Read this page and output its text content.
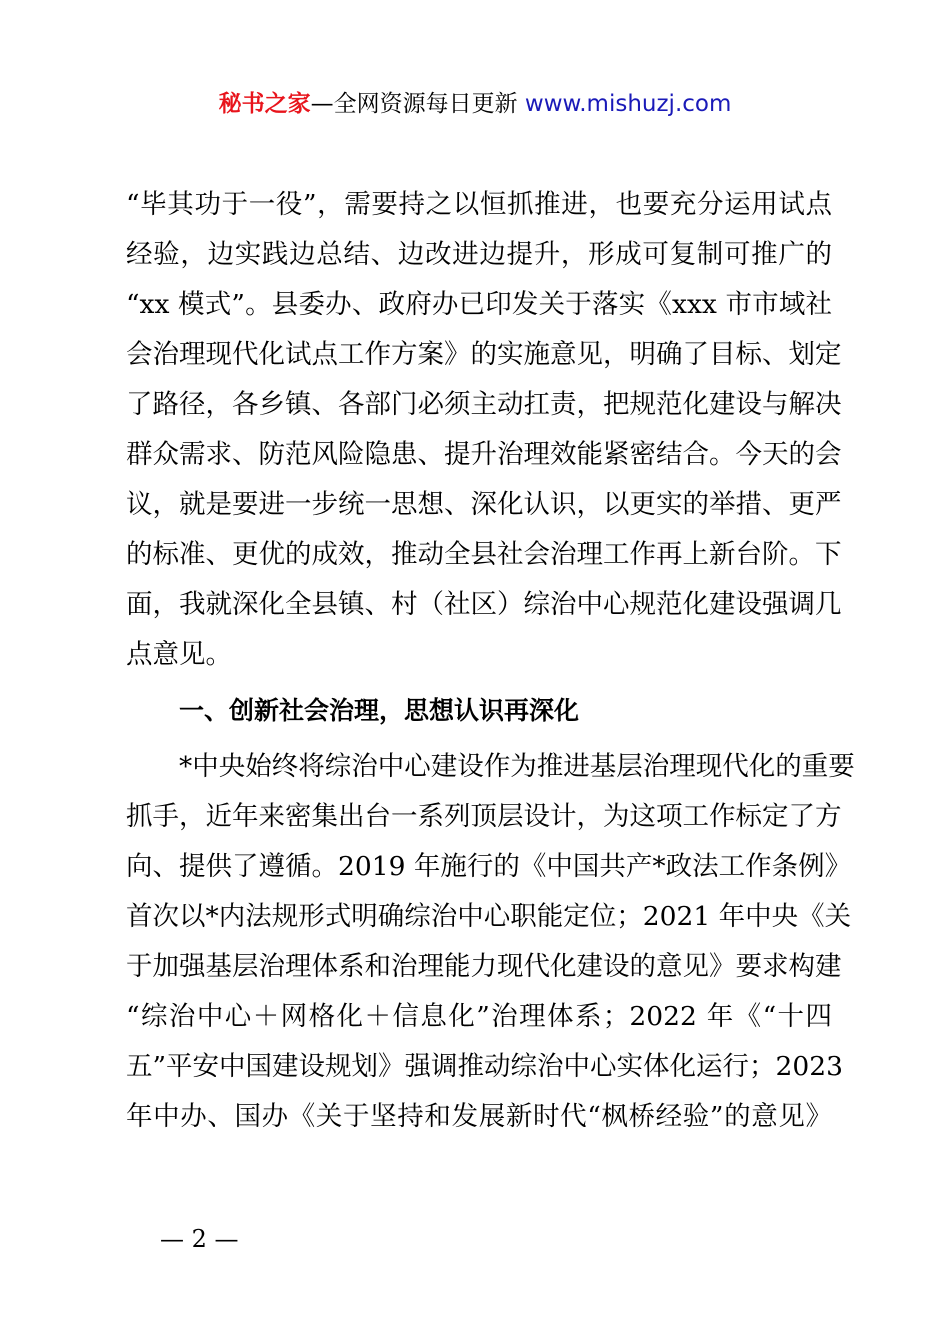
秘书之家—全网资源每日更新 www.mishuzj.com

“毕其功于一役”，需要持之以恒抓推进，也要充分运用试点
经验，边实践边总结、边改进边提升，形成可复制可推广的
“xx 模式”。县委办、政府办已印发关于落实《xxx 市市域社
会治理现代化试点工作方案》的实施意见，明确了目标、划定
了路径，各乡镇、各部门必须主动扛责，把规范化建设与解决
群众需求、防范风险隐患、提升治理效能紧密结合。今天的会
议，就是要进一步统一思想、深化认识，以更实的举措、更严
的标准、更优的成效，推动全县社会治理工作再上新台阶。下
面，我就深化全县镇、村（社区）综治中心规范化建设强调几
点意见。

一、创新社会治理，思想认识再深化

*中央始终将综治中心建设作为推进基层治理现代化的重要
抓手，近年来密集出台一系列顶层设计，为这项工作标定了方
向、提供了遵循。2019 年施行的《中国共产*政法工作条例》
首次以*内法规形式明确综治中心职能定位；2021 年中央《关
于加强基层治理体系和治理能力现代化建设的意见》要求构建
“综治中心＋网格化＋信息化”治理体系；2022 年《“十四
五”平安中国建设规划》强调推动综治中心实体化运行；2023
年中办、国办《关于坚持和发展新时代“枫桥经验”的意见》

— 2 —
